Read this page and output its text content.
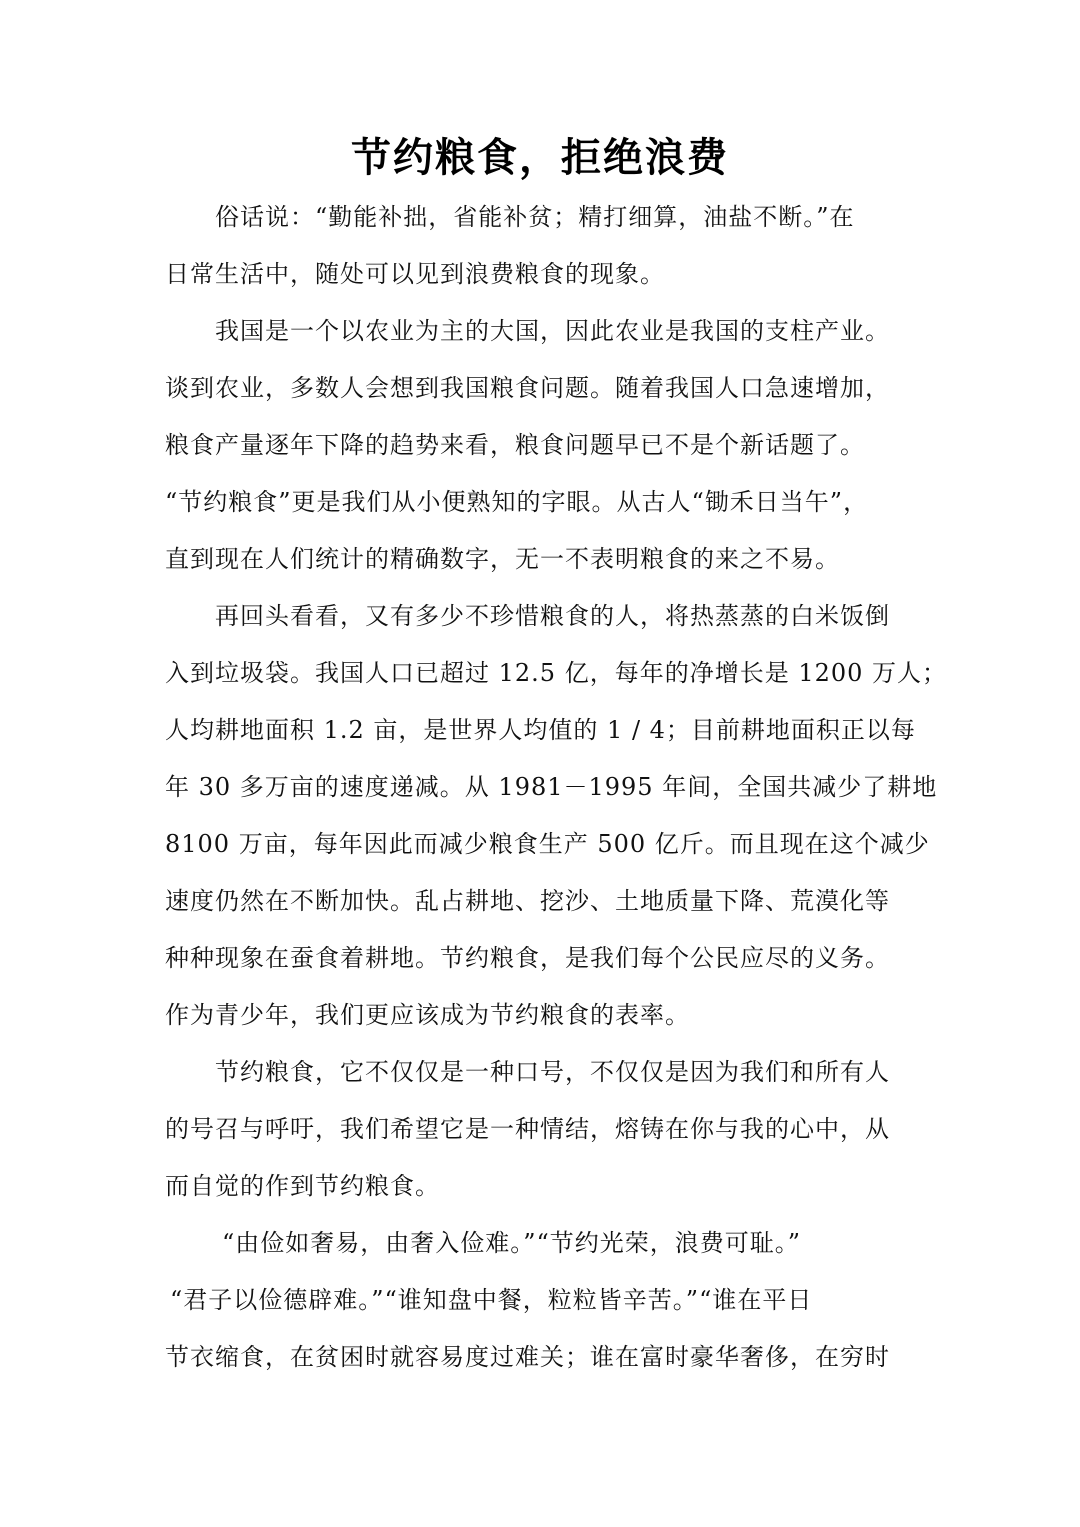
节约粮食，拒绝浪费
俗话说：“勤能补拙，省能补贫；精打细算，油盐不断。”在
日常生活中，随处可以见到浪费粮食的现象。
我国是一个以农业为主的大国，因此农业是我国的支柱产业。
谈到农业，多数人会想到我国粮食问题。随着我国人口急速增加，
粮食产量逐年下降的趋势来看，粮食问题早已不是个新话题了。
“节约粮食”更是我们从小便熟知的字眼。从古人“锄禾日当午”，
直到现在人们统计的精确数字，无一不表明粮食的来之不易。
再回头看看，又有多少不珍惜粮食的人，将热蒸蒸的白米饭倒
入到垃圾袋。我国人口已超过 12.5 亿，每年的净增长是 1200 万人；
人均耕地面积 1.2 亩，是世界人均值的 1 / 4；目前耕地面积正以每
年 30 多万亩的速度递减。从 1981－1995 年间，全国共减少了耕地
8100 万亩，每年因此而减少粮食生产 500 亿斤。而且现在这个减少
速度仍然在不断加快。乱占耕地、挖沙、土地质量下降、荒漠化等
种种现象在蚕食着耕地。节约粮食，是我们每个公民应尽的义务。
作为青少年，我们更应该成为节约粮食的表率。
节约粮食，它不仅仅是一种口号，不仅仅是因为我们和所有人
的号召与呼吁，我们希望它是一种情结，熔铸在你与我的心中，从
而自觉的作到节约粮食。
“由俭如奢易，由奢入俭难。”“节约光荣，浪费可耻。”
“君子以俭德辟难。”“谁知盘中餐，粒粒皆辛苦。”“谁在平日
节衣缩食，在贫困时就容易度过难关；谁在富时豪华奢侈，在穷时
